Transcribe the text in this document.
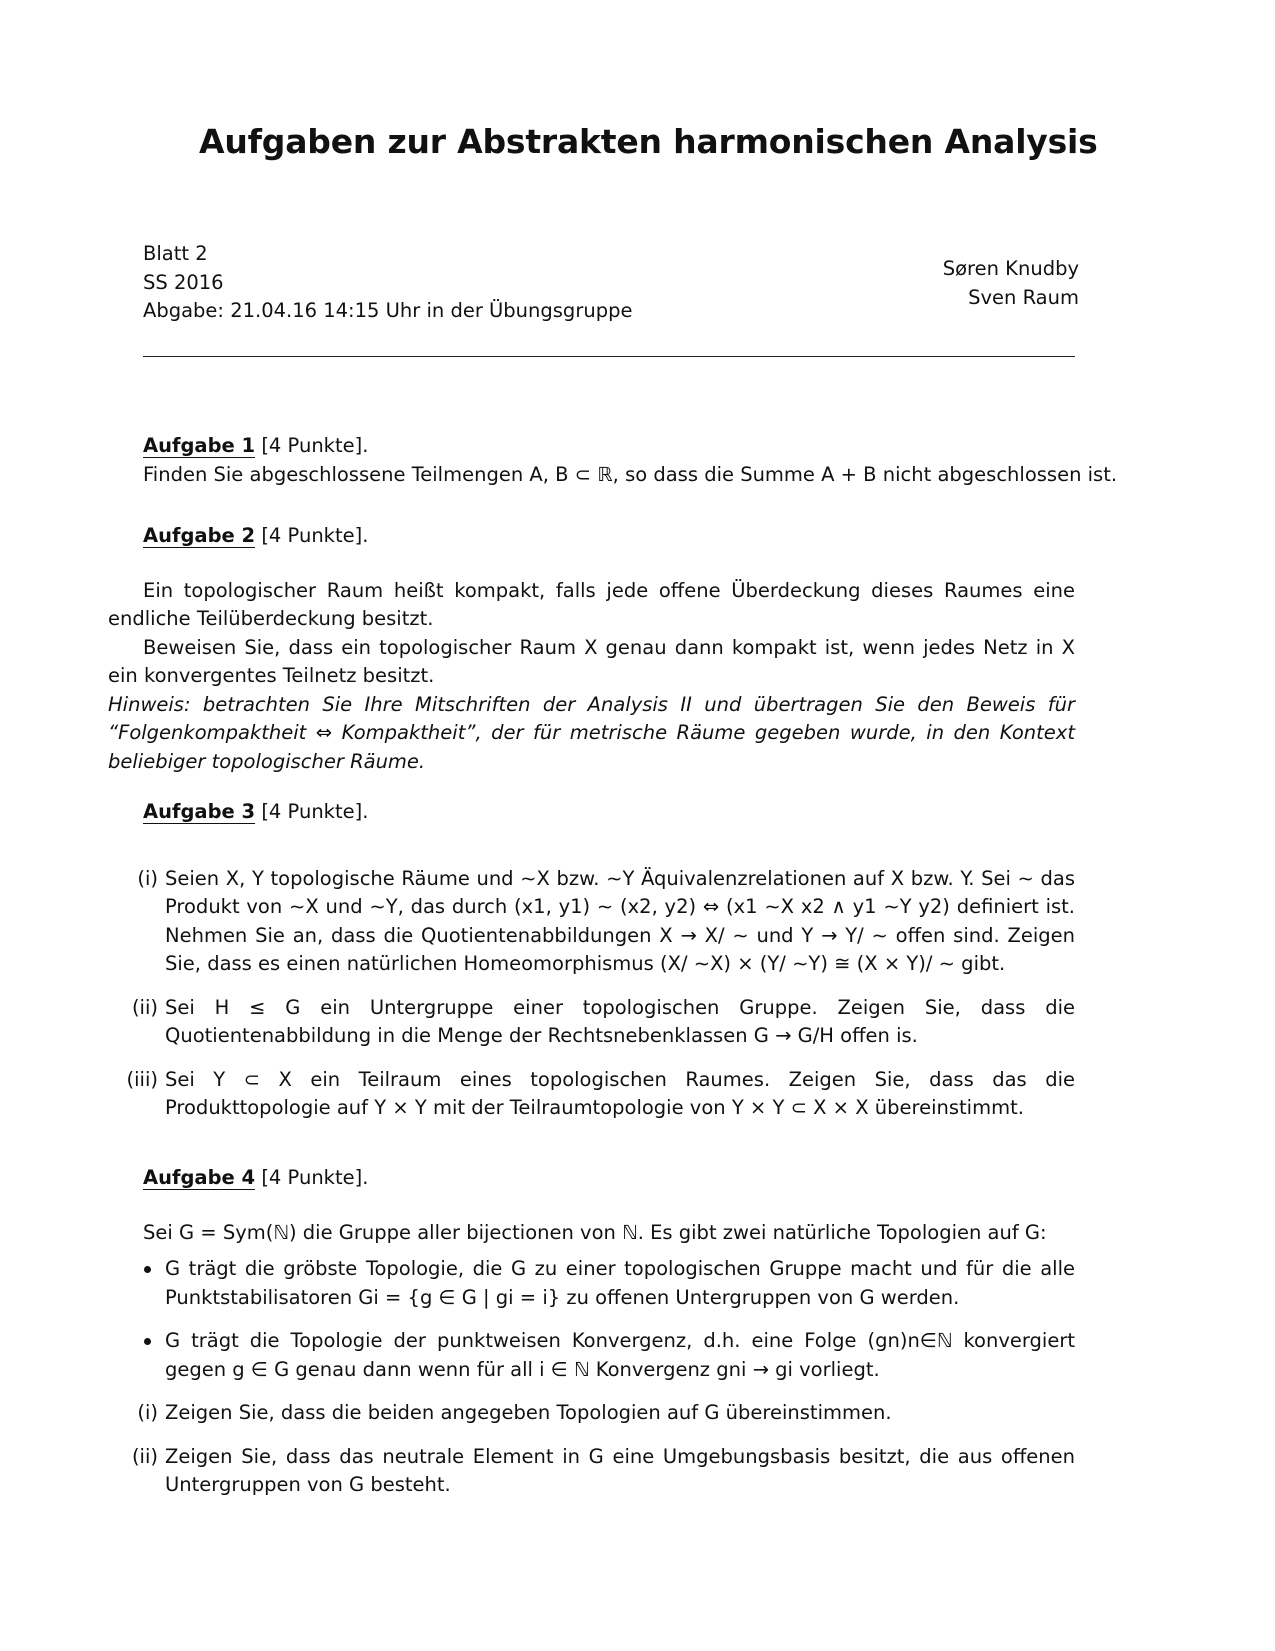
Aufgaben zur Abstrakten harmonischen Analysis
Blatt 2
SS 2016
Abgabe: 21.04.16 14:15 Uhr in der Übungsgruppe
Søren Knudby
Sven Raum
Aufgabe 1 [4 Punkte].
Finden Sie abgeschlossene Teilmengen A, B ⊂ ℝ, so dass die Summe A + B nicht abgeschlossen ist.
Aufgabe 2 [4 Punkte].
Ein topologischer Raum heißt kompakt, falls jede offene Überdeckung dieses Raumes eine endliche Teilüberdeckung besitzt.
Beweisen Sie, dass ein topologischer Raum X genau dann kompakt ist, wenn jedes Netz in X ein konvergentes Teilnetz besitzt.
Hinweis: betrachten Sie Ihre Mitschriften der Analysis II und übertragen Sie den Beweis für “Folgenkompaktheit ⇔ Kompaktheit”, der für metrische Räume gegeben wurde, in den Kontext beliebiger topologischer Räume.
Aufgabe 3 [4 Punkte].
(i) Seien X, Y topologische Räume und ∼X bzw. ∼Y Äquivalenzrelationen auf X bzw. Y. Sei ∼ das Produkt von ∼X und ∼Y, das durch (x1, y1) ∼ (x2, y2) ⇔ (x1 ∼X x2 ∧ y1 ∼Y y2) definiert ist. Nehmen Sie an, dass die Quotientenabbildungen X → X/ ∼ und Y → Y/ ∼ offen sind. Zeigen Sie, dass es einen natürlichen Homeomorphismus (X/ ∼X) × (Y/ ∼Y) ≅ (X × Y)/ ∼ gibt.
(ii) Sei H ≤ G ein Untergruppe einer topologischen Gruppe. Zeigen Sie, dass die Quotientenabbildung in die Menge der Rechtsnebenklassen G → G/H offen is.
(iii) Sei Y ⊂ X ein Teilraum eines topologischen Raumes. Zeigen Sie, dass das die Produkttopologie auf Y × Y mit der Teilraumtopologie von Y × Y ⊂ X × X übereinstimmt.
Aufgabe 4 [4 Punkte].
Sei G = Sym(ℕ) die Gruppe aller bijectionen von ℕ. Es gibt zwei natürliche Topologien auf G:
G trägt die gröbste Topologie, die G zu einer topologischen Gruppe macht und für die alle Punktstabilisatoren Gi = {g ∈ G | gi = i} zu offenen Untergruppen von G werden.
G trägt die Topologie der punktweisen Konvergenz, d.h. eine Folge (gn)n∈ℕ konvergiert gegen g ∈ G genau dann wenn für all i ∈ ℕ Konvergenz gni → gi vorliegt.
(i) Zeigen Sie, dass die beiden angegeben Topologien auf G übereinstimmen.
(ii) Zeigen Sie, dass das neutrale Element in G eine Umgebungsbasis besitzt, die aus offenen Untergruppen von G besteht.
